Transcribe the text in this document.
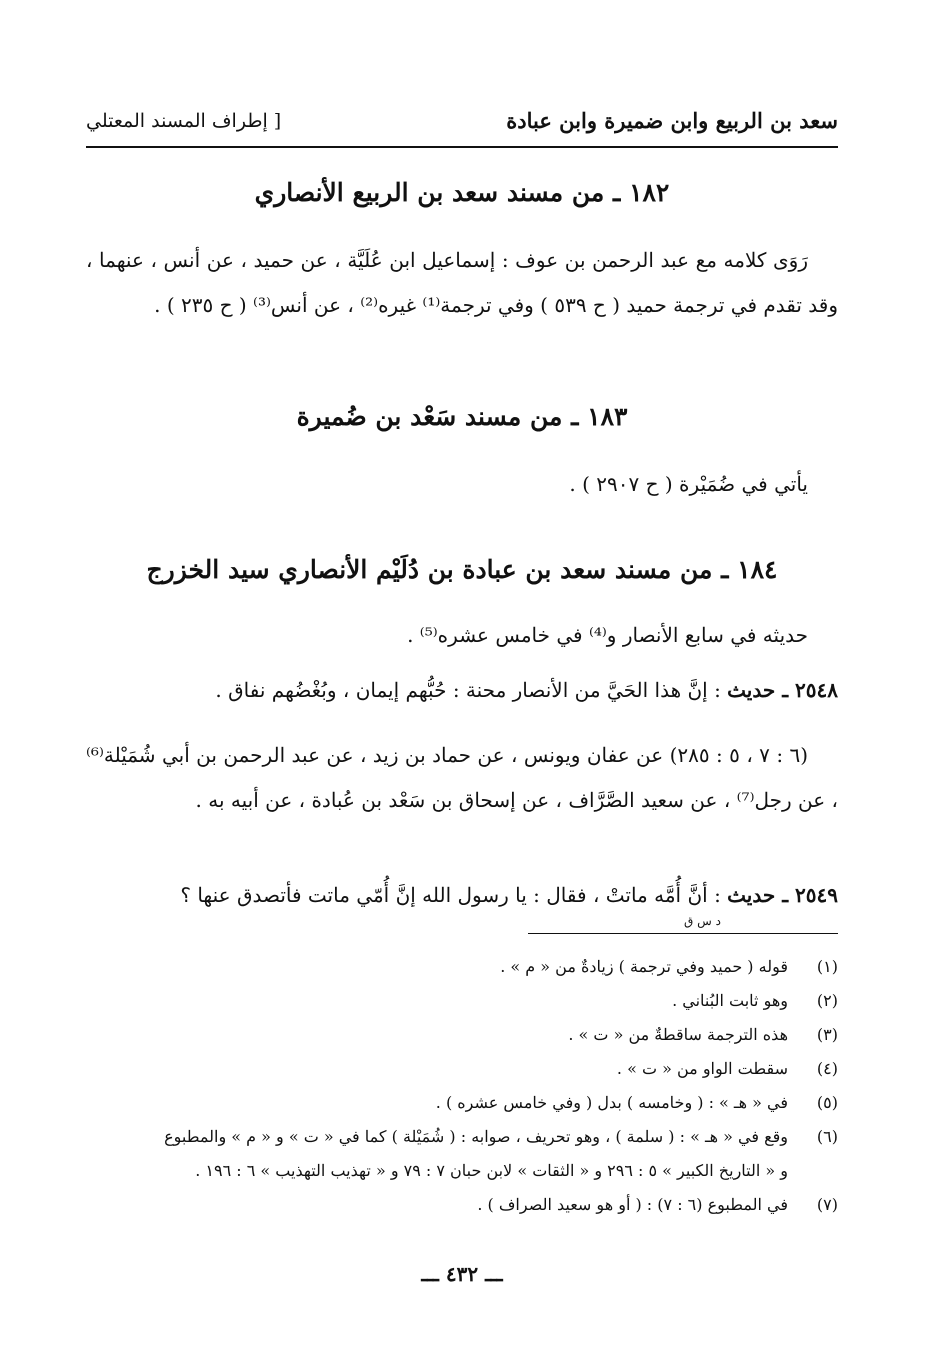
سعد بن الربيع وابن ضميرة وابن عبادة
[ إطراف المسند المعتلي
١٨٢ ـ من مسند سعد بن الربيع الأنصاري
رَوَى كلامه مع عبد الرحمن بن عوف : إسماعيل ابن عُلَيَّة ، عن حميد ، عن أنس ، عنهما ، وقد تقدم في ترجمة حميد ( ح ٥٣٩ ) وفي ترجمة⁽¹⁾ غيره⁽²⁾ ، عن أنس⁽³⁾ ( ح ٢٣٥ ) .
١٨٣ ـ من مسند سَعْد بن ضُميرة
يأتي في ضُمَيْرة ( ح ٢٩٠٧ ) .
١٨٤ ـ من مسند سعد بن عبادة بن دُلَيْم الأنصاري سيد الخزرج
حديثه في سابع الأنصار و⁽⁴⁾ في خامس عشره⁽⁵⁾ .
٢٥٤٨ ـ حديث : إنَّ هذا الحَيَّ من الأنصار محنة : حُبُّهم إيمان ، وبُغْضُهم نفاق .
(٦ : ٧ ، ٥ : ٢٨٥) عن عفان ويونس ، عن حماد بن زيد ، عن عبد الرحمن بن أبي شُمَيْلة⁽⁶⁾ ، عن رجل⁽⁷⁾ ، عن سعيد الصَّرَّاف ، عن إسحاق بن سَعْد بن عُبادة ، عن أبيه به .
٢٥٤٩ ـ حديث : أنَّ أُمَّه ماتتْ ، فقال : يا رسول الله إنَّ أُمّي ماتت فأتصدق عنها ؟
د س ق
(١)
قوله ( حميد وفي ترجمة ) زيادةٌ من « م » .
(٢)
وهو ثابت البُناني .
(٣)
هذه الترجمة ساقطةٌ من « ت » .
(٤)
سقطت الواو من « ت » .
(٥)
في « هـ » : ( وخامسه ) بدل ( وفي خامس عشره ) .
(٦)
وقع في « هـ » : ( سلمة ) ، وهو تحريف ، صوابه : ( شُمَيْلة ) كما في « ت » و « م » والمطبوع
و « التاريخ الكبير » ٥ : ٢٩٦ و « الثقات » لابن حبان ٧ : ٧٩ و « تهذيب التهذيب » ٦ : ١٩٦ .
(٧)
في المطبوع (٦ : ٧) : ( أو هو سعيد الصراف ) .
ـــ ٤٣٢ ـــ
